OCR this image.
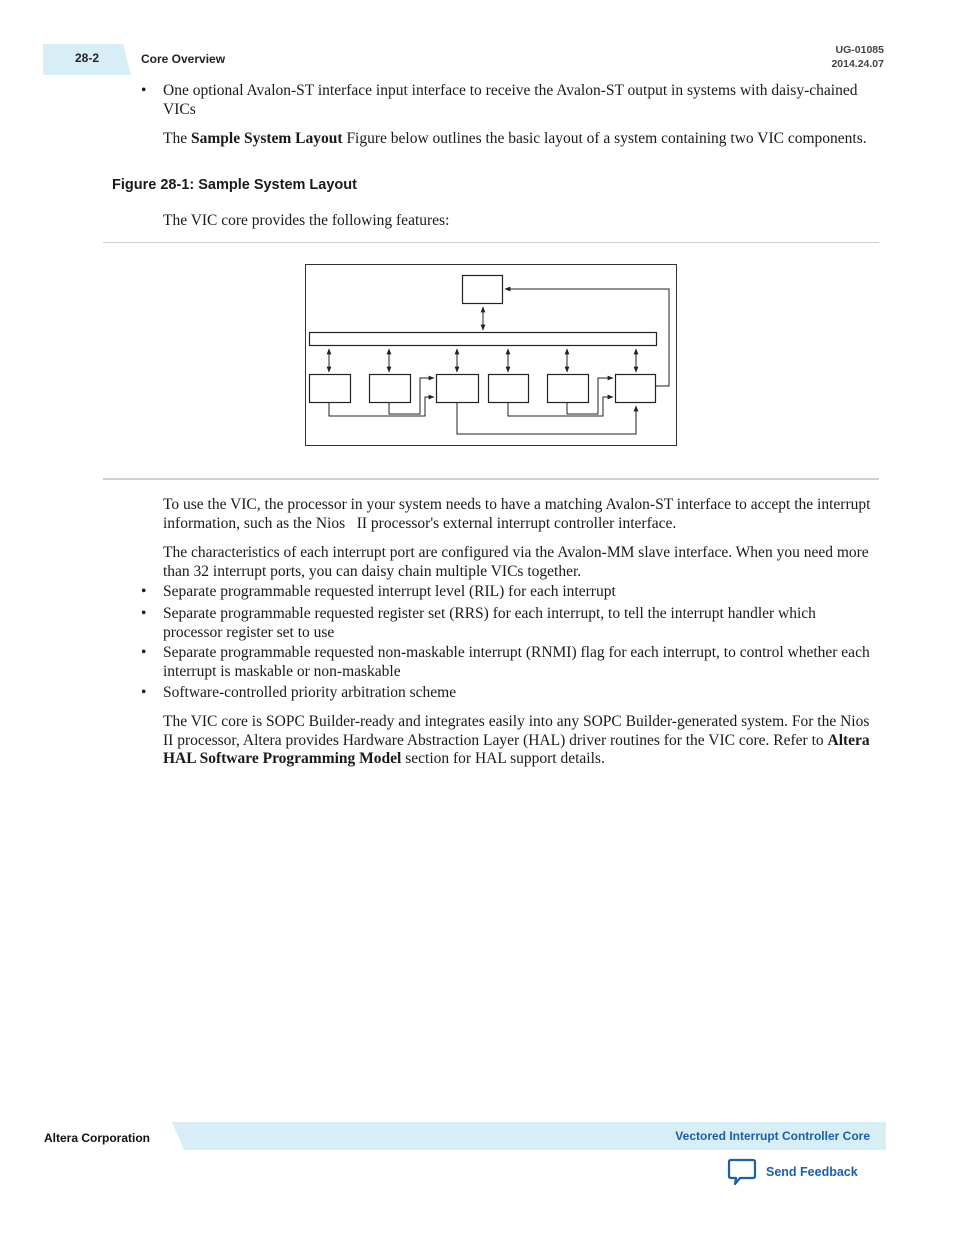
28-2	Core Overview
UG-01085
2014.24.07
• One optional Avalon-ST interface input interface to receive the Avalon-ST output in systems with daisy-chained VICs
The Sample System Layout Figure below outlines the basic layout of a system containing two VIC components.
Figure 28-1: Sample System Layout
The VIC core provides the following features:
To use the VIC, the processor in your system needs to have a matching Avalon-ST interface to accept the interrupt information, such as the Nios   II processor's external interrupt controller interface.
The characteristics of each interrupt port are configured via the Avalon-MM slave interface. When you need more than 32 interrupt ports, you can daisy chain multiple VICs together.
• Separate programmable requested interrupt level (RIL) for each interrupt
• Separate programmable requested register set (RRS) for each interrupt, to tell the interrupt handler which processor register set to use
• Separate programmable requested non-maskable interrupt (RNMI) flag for each interrupt, to control whether each interrupt is maskable or non-maskable
• Software-controlled priority arbitration scheme
The VIC core is SOPC Builder-ready and integrates easily into any SOPC Builder-generated system. For the Nios II processor, Altera provides Hardware Abstraction Layer (HAL) driver routines for the VIC core. Refer to Altera HAL Software Programming Model section for HAL support details.
Altera Corporation	Vectored Interrupt Controller Core
Send Feedback
